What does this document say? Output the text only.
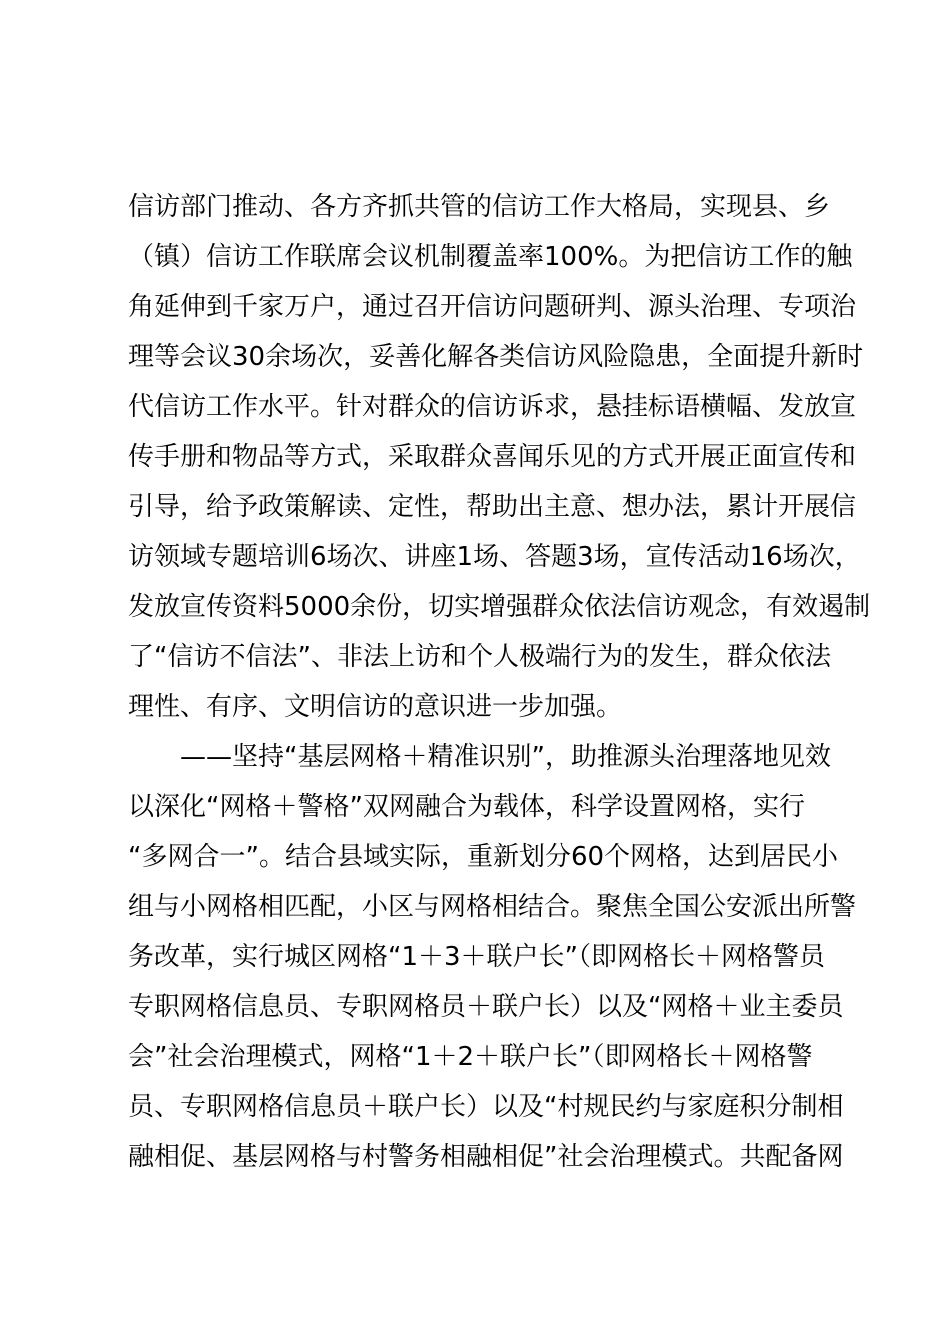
信访部门推动、各方齐抓共管的信访工作大格局，实现县、乡
（镇）信访工作联席会议机制覆盖率100%。为把信访工作的触
角延伸到千家万户，通过召开信访问题研判、源头治理、专项治
理等会议30余场次，妥善化解各类信访风险隐患，全面提升新时
代信访工作水平。针对群众的信访诉求，悬挂标语横幅、发放宣
传手册和物品等方式，采取群众喜闻乐见的方式开展正面宣传和
引导，给予政策解读、定性，帮助出主意、想办法，累计开展信
访领域专题培训6场次、讲座1场、答题3场，宣传活动16场次，
发放宣传资料5000余份，切实增强群众依法信访观念，有效遏制
了“信访不信法”、非法上访和个人极端行为的发生，群众依法
理性、有序、文明信访的意识进一步加强。
——坚持“基层网格＋精准识别”，助推源头治理落地见效
以深化“网格＋警格”双网融合为载体，科学设置网格，实行
“多网合一”。结合县域实际，重新划分60个网格，达到居民小
组与小网格相匹配，小区与网格相结合。聚焦全国公安派出所警
务改革，实行城区网格“1＋3＋联户长”（即网格长＋网格警员
专职网格信息员、专职网格员＋联户长）以及“网格＋业主委员
会”社会治理模式，网格“1＋2＋联户长”（即网格长＋网格警
员、专职网格信息员＋联户长）以及“村规民约与家庭积分制相
融相促、基层网格与村警务相融相促”社会治理模式。共配备网
